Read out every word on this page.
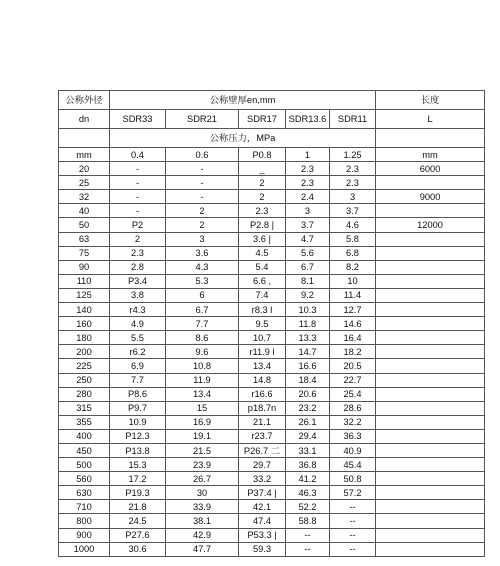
公称外径	公称壁厚en,mm					长度
dn	SDR33	SDR21	SDR17	SDR13.6	SDR11	L
	公称压力，MPa					
mm	0.4	0.6	P0.8	1	1.25	mm
20	-	-	_	2.3	2.3	6000
25	-	-	2	2.3	2.3	
32	-	-	2	2.4	3	9000
40	-	2	2.3	3	3.7	
50	P2	2	P2.8 |	3.7	4.6	12000
63	2	3	3.6 |	4.7	5.8	
75	2.3	3.6	4.5	5.6	6.8	
90	2.8	4.3	5.4	6.7	8.2	
110	P3.4	5.3	6.6 ,	8.1	10	
125	3.8	6	7.4	9.2	11.4	
140	r4.3	6.7	r8.3 l	10.3	12.7	
160	4.9	7.7	9.5	11.8	14.6	
180	5.5	8.6	10.7	13.3	16.4	
200	r6.2	9.6	r11.9 l	14.7	18.2	
225	6.9	10.8	13.4	16.6	20.5	
250	7.7	11.9	14.8	18.4	22.7	
280	P8.6	13.4	r16.6	20.6	25.4	
315	P9.7	15	p18.7n	23.2	28.6	
355	10.9	16.9	21.1	26.1	32.2	
400	P12.3	19.1	r23.7	29.4	36.3	
450	P13.8	21.5	P26.7 二	33.1	40.9	
500	15.3	23.9	29.7	36.8	45.4	
560	17.2	26.7	33.2	41.2	50.8	
630	P19.3	30	P37.4 |	46.3	57.2	
710	21.8	33.9	42.1	52.2	--	
800	24.5	38.1	47.4	58.8	--	
900	P27.6	42.9	P53.3 |	--	--	
1000	30.6	47.7	59.3	--	--	
